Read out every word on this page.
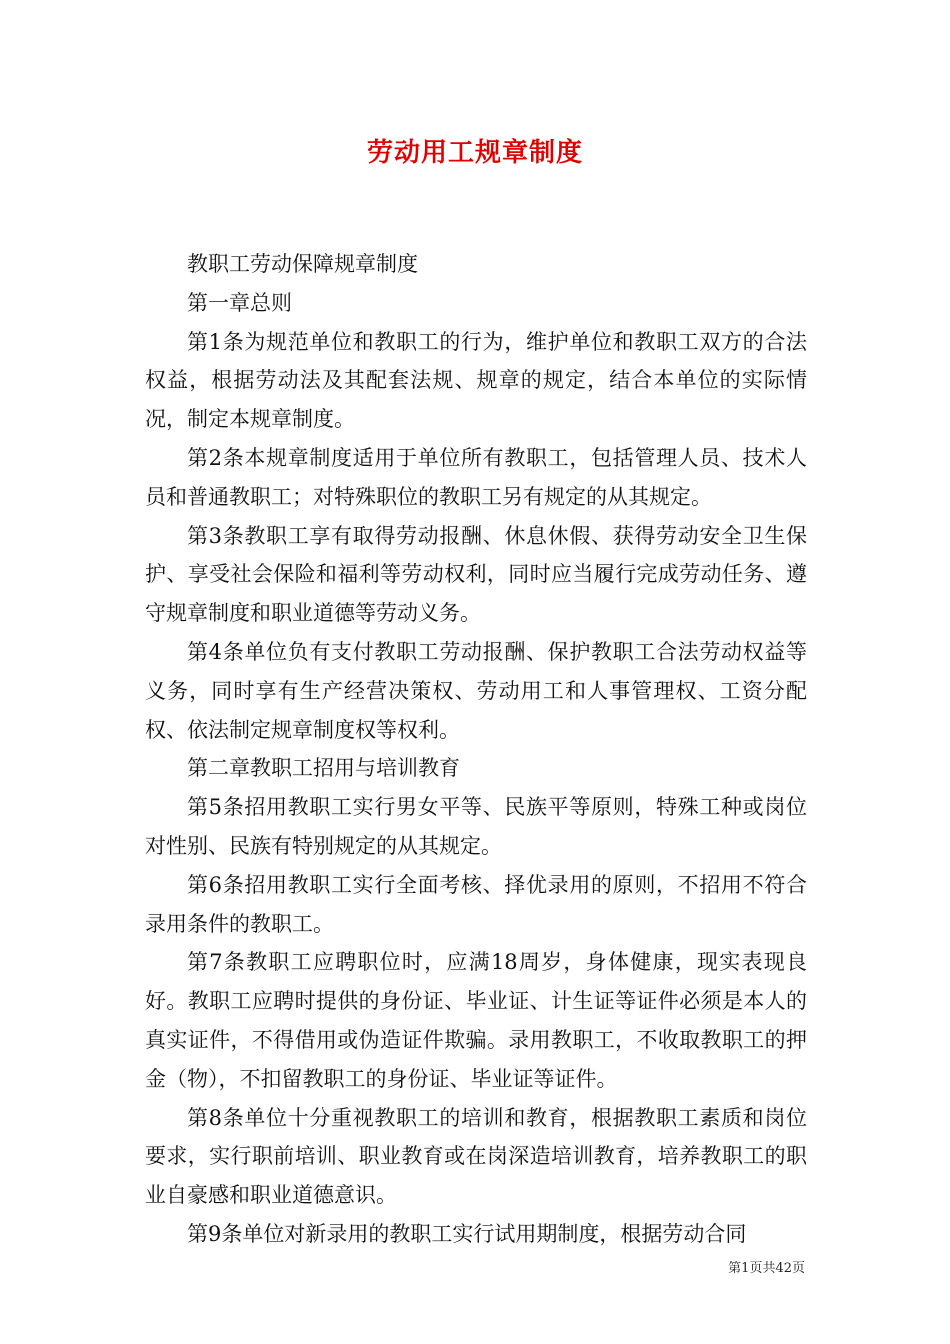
劳动用工规章制度

教职工劳动保障规章制度

第一章总则

第1条为规范单位和教职工的行为，维护单位和教职工双方的合法权益，根据劳动法及其配套法规、规章的规定，结合本单位的实际情况，制定本规章制度。

第2条本规章制度适用于单位所有教职工，包括管理人员、技术人员和普通教职工；对特殊职位的教职工另有规定的从其规定。

第3条教职工享有取得劳动报酬、休息休假、获得劳动安全卫生保护、享受社会保险和福利等劳动权利，同时应当履行完成劳动任务、遵守规章制度和职业道德等劳动义务。

第4条单位负有支付教职工劳动报酬、保护教职工合法劳动权益等义务，同时享有生产经营决策权、劳动用工和人事管理权、工资分配权、依法制定规章制度权等权利。

第二章教职工招用与培训教育

第5条招用教职工实行男女平等、民族平等原则，特殊工种或岗位对性别、民族有特别规定的从其规定。

第6条招用教职工实行全面考核、择优录用的原则，不招用不符合录用条件的教职工。

第7条教职工应聘职位时，应满18周岁，身体健康，现实表现良好。教职工应聘时提供的身份证、毕业证、计生证等证件必须是本人的真实证件，不得借用或伪造证件欺骗。录用教职工，不收取教职工的押金（物），不扣留教职工的身份证、毕业证等证件。

第8条单位十分重视教职工的培训和教育，根据教职工素质和岗位要求，实行职前培训、职业教育或在岗深造培训教育，培养教职工的职业自豪感和职业道德意识。

第9条单位对新录用的教职工实行试用期制度，根据劳动合同

第1页共42页
